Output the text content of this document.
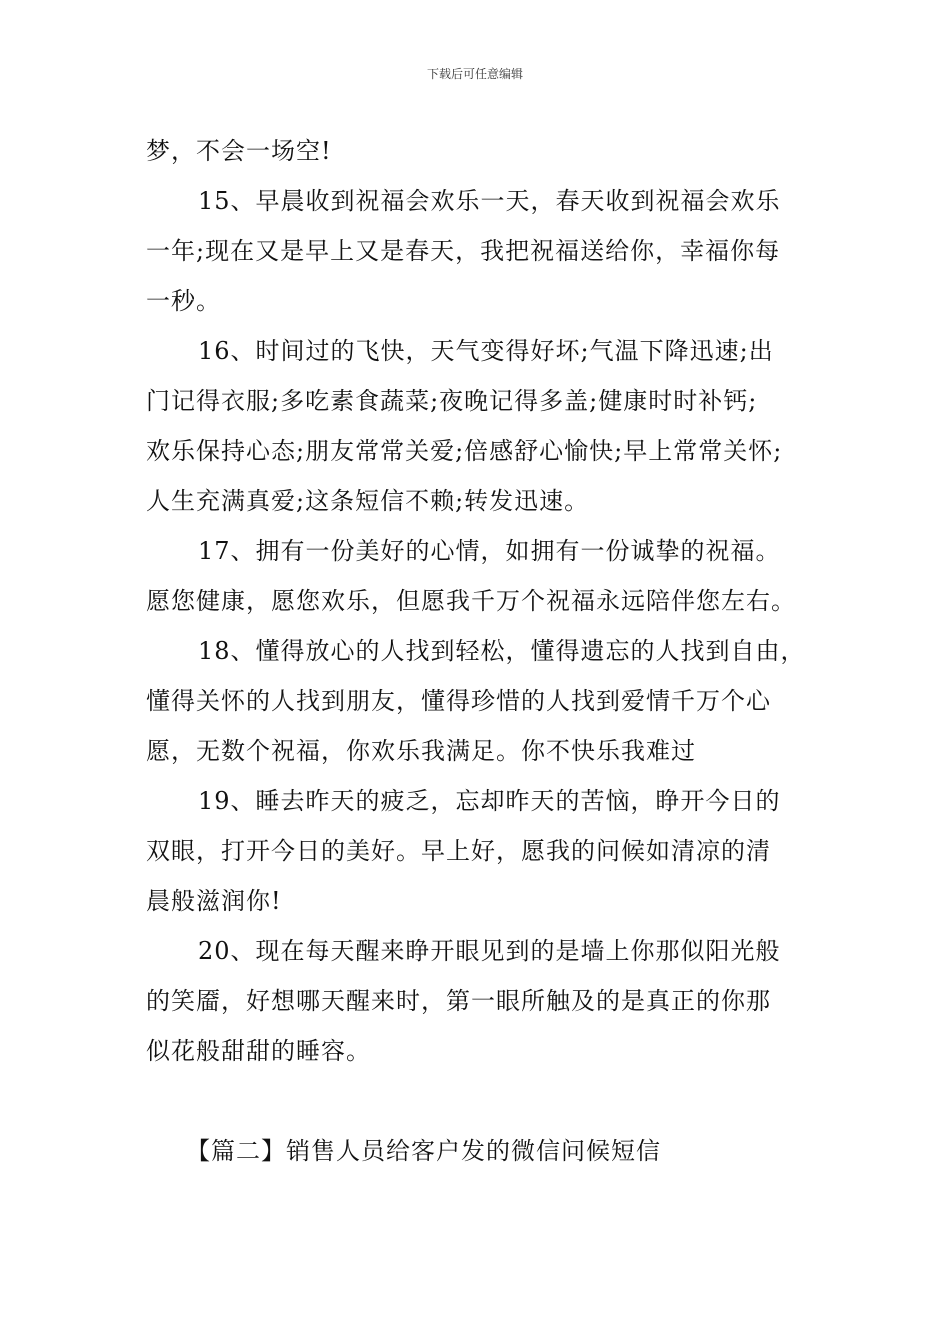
下载后可任意编辑
梦，不会一场空!
15、早晨收到祝福会欢乐一天，春天收到祝福会欢乐
一年;现在又是早上又是春天，我把祝福送给你，幸福你每
一秒。
16、时间过的飞快，天气变得好坏;气温下降迅速;出
门记得衣服;多吃素食蔬菜;夜晚记得多盖;健康时时补钙;
欢乐保持心态;朋友常常关爱;倍感舒心愉快;早上常常关怀;
人生充满真爱;这条短信不赖;转发迅速。
17、拥有一份美好的心情，如拥有一份诚挚的祝福。
愿您健康，愿您欢乐，但愿我千万个祝福永远陪伴您左右。
18、懂得放心的人找到轻松，懂得遗忘的人找到自由，
懂得关怀的人找到朋友，懂得珍惜的人找到爱情千万个心
愿，无数个祝福，你欢乐我满足。你不快乐我难过
19、睡去昨天的疲乏，忘却昨天的苦恼，睁开今日的
双眼，打开今日的美好。早上好，愿我的问候如清凉的清
晨般滋润你!
20、现在每天醒来睁开眼见到的是墙上你那似阳光般
的笑靥，好想哪天醒来时，第一眼所触及的是真正的你那
似花般甜甜的睡容。
【篇二】销售人员给客户发的微信问候短信
